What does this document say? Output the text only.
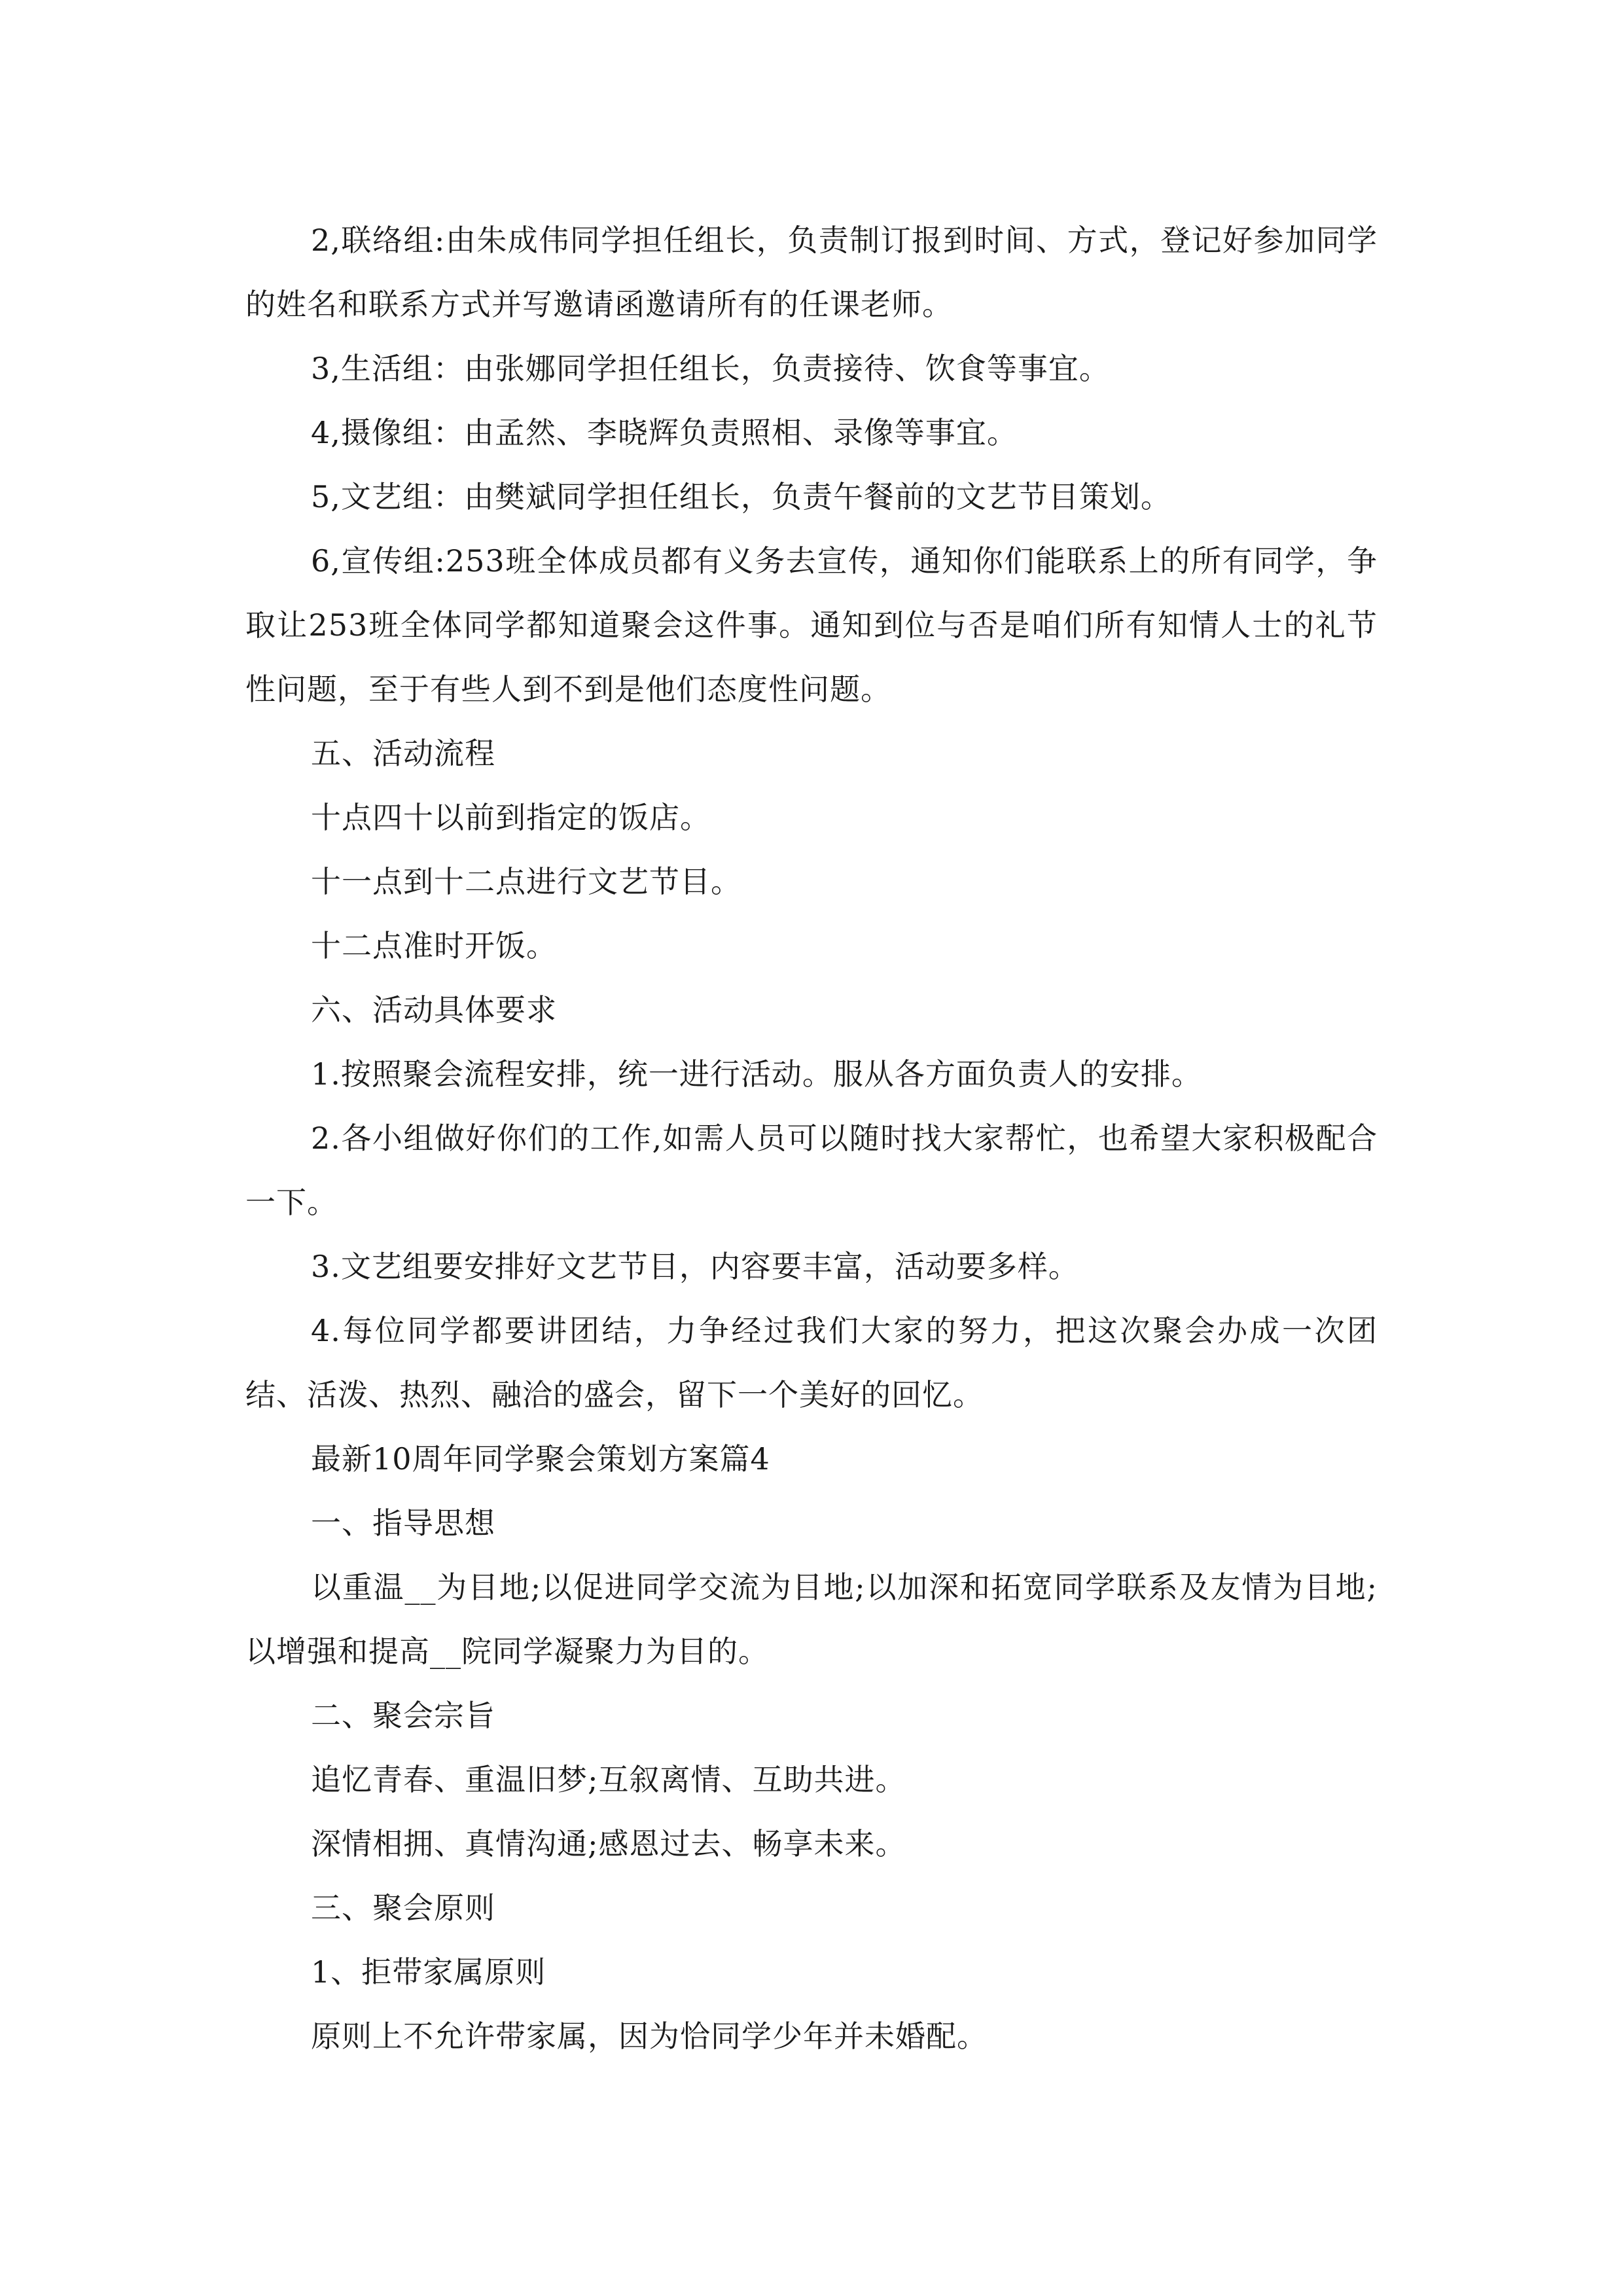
2,联络组:由朱成伟同学担任组长，负责制订报到时间、方式，登记好参加同学的姓名和联系方式并写邀请函邀请所有的任课老师。

3,生活组：由张娜同学担任组长，负责接待、饮食等事宜。

4,摄像组：由孟然、李晓辉负责照相、录像等事宜。

5,文艺组：由樊斌同学担任组长，负责午餐前的文艺节目策划。

6,宣传组:253班全体成员都有义务去宣传，通知你们能联系上的所有同学，争取让253班全体同学都知道聚会这件事。通知到位与否是咱们所有知情人士的礼节性问题，至于有些人到不到是他们态度性问题。

五、活动流程

十点四十以前到指定的饭店。

十一点到十二点进行文艺节目。

十二点准时开饭。

六、活动具体要求

1.按照聚会流程安排，统一进行活动。服从各方面负责人的安排。

2.各小组做好你们的工作,如需人员可以随时找大家帮忙，也希望大家积极配合一下。

3.文艺组要安排好文艺节目，内容要丰富，活动要多样。

4.每位同学都要讲团结，力争经过我们大家的努力，把这次聚会办成一次团结、活泼、热烈、融洽的盛会，留下一个美好的回忆。

最新10周年同学聚会策划方案篇4

一、指导思想

以重温__为目地;以促进同学交流为目地;以加深和拓宽同学联系及友情为目地;以增强和提高__院同学凝聚力为目的。

二、聚会宗旨

追忆青春、重温旧梦;互叙离情、互助共进。

深情相拥、真情沟通;感恩过去、畅享未来。

三、聚会原则

1、拒带家属原则

原则上不允许带家属，因为恰同学少年并未婚配。
